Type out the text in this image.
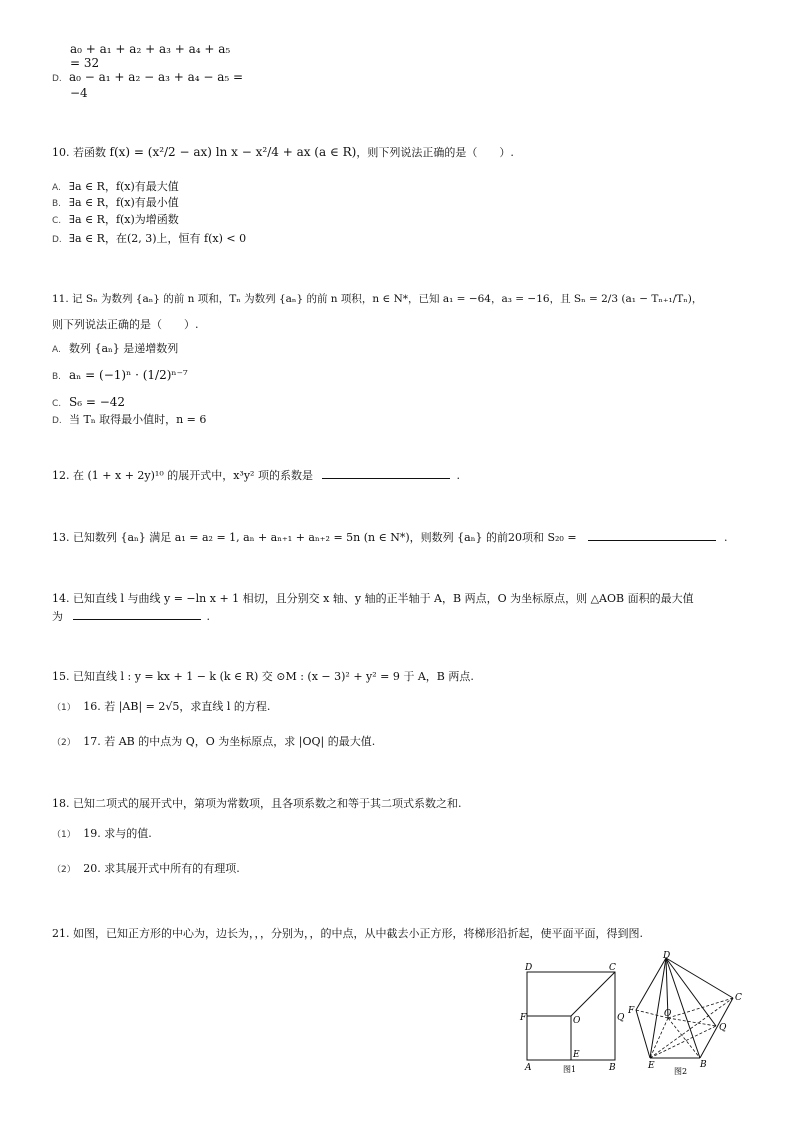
a₀ + a₁ + a₂ + a₃ + a₄ + a₅
= 32
D. a₀ − a₁ + a₂ − a₃ + a₄ − a₅ =
−4
10. 若函数 f(x) = (x²/2 − ax) ln x − x²/4 + ax (a ∈ R)，则下列说法正确的是（　　）.
A. ∃a ∈ R，f(x)有最大值
B. ∃a ∈ R，f(x)有最小值
C. ∃a ∈ R，f(x)为增函数
D. ∃a ∈ R，在(2, 3)上，恒有 f(x) < 0
11. 记 Sₙ 为数列 {aₙ} 的前 n 项和，Tₙ 为数列 {aₙ} 的前 n 项积，n ∈ N*，已知 a₁ = −64，a₃ = −16，且 Sₙ = 2/3 (a₁ − Tₙ₊₁/Tₙ)，
则下列说法正确的是（　　）.
A. 数列 {aₙ} 是递增数列
B. aₙ = (−1)ⁿ · (1/2)ⁿ⁻⁷
C. S₆ = −42
D. 当 Tₙ 取得最小值时，n = 6
12. 在 (1 + x + 2y)¹⁰ 的展开式中，x³y² 项的系数是	.
13. 已知数列 {aₙ} 满足 a₁ = a₂ = 1, aₙ + aₙ₊₁ + aₙ₊₂ = 5n (n ∈ N*)，则数列 {aₙ} 的前20项和 S₂₀ =	.
14. 已知直线 l 与曲线 y = −ln x + 1 相切，且分别交 x 轴、y 轴的正半轴于 A，B 两点，O 为坐标原点，则 △AOB 面积的最大值
为	.
15. 已知直线 l : y = kx + 1 − k (k ∈ R) 交 ⊙M : (x − 3)² + y² = 9 于 A，B 两点.
（1） 16. 若 |AB| = 2√5，求直线 l 的方程.
（2） 17. 若 AB 的中点为 Q，O 为坐标原点，求 |OQ| 的最大值.
18. 已知二项式的展开式中，第项为常数项，且各项系数之和等于其二项式系数之和.
（1） 19. 求与的值.
（2） 20. 求其展开式中所有的有理项.
21. 如图，已知正方形的中心为，边长为，，，分别为，，的中点，从中截去小正方形，将梯形沿折起，使平面平面，得到图.
D	C
F	O	Q
E
A	B
图1
D
C
F	O
Q
E	B
图2
